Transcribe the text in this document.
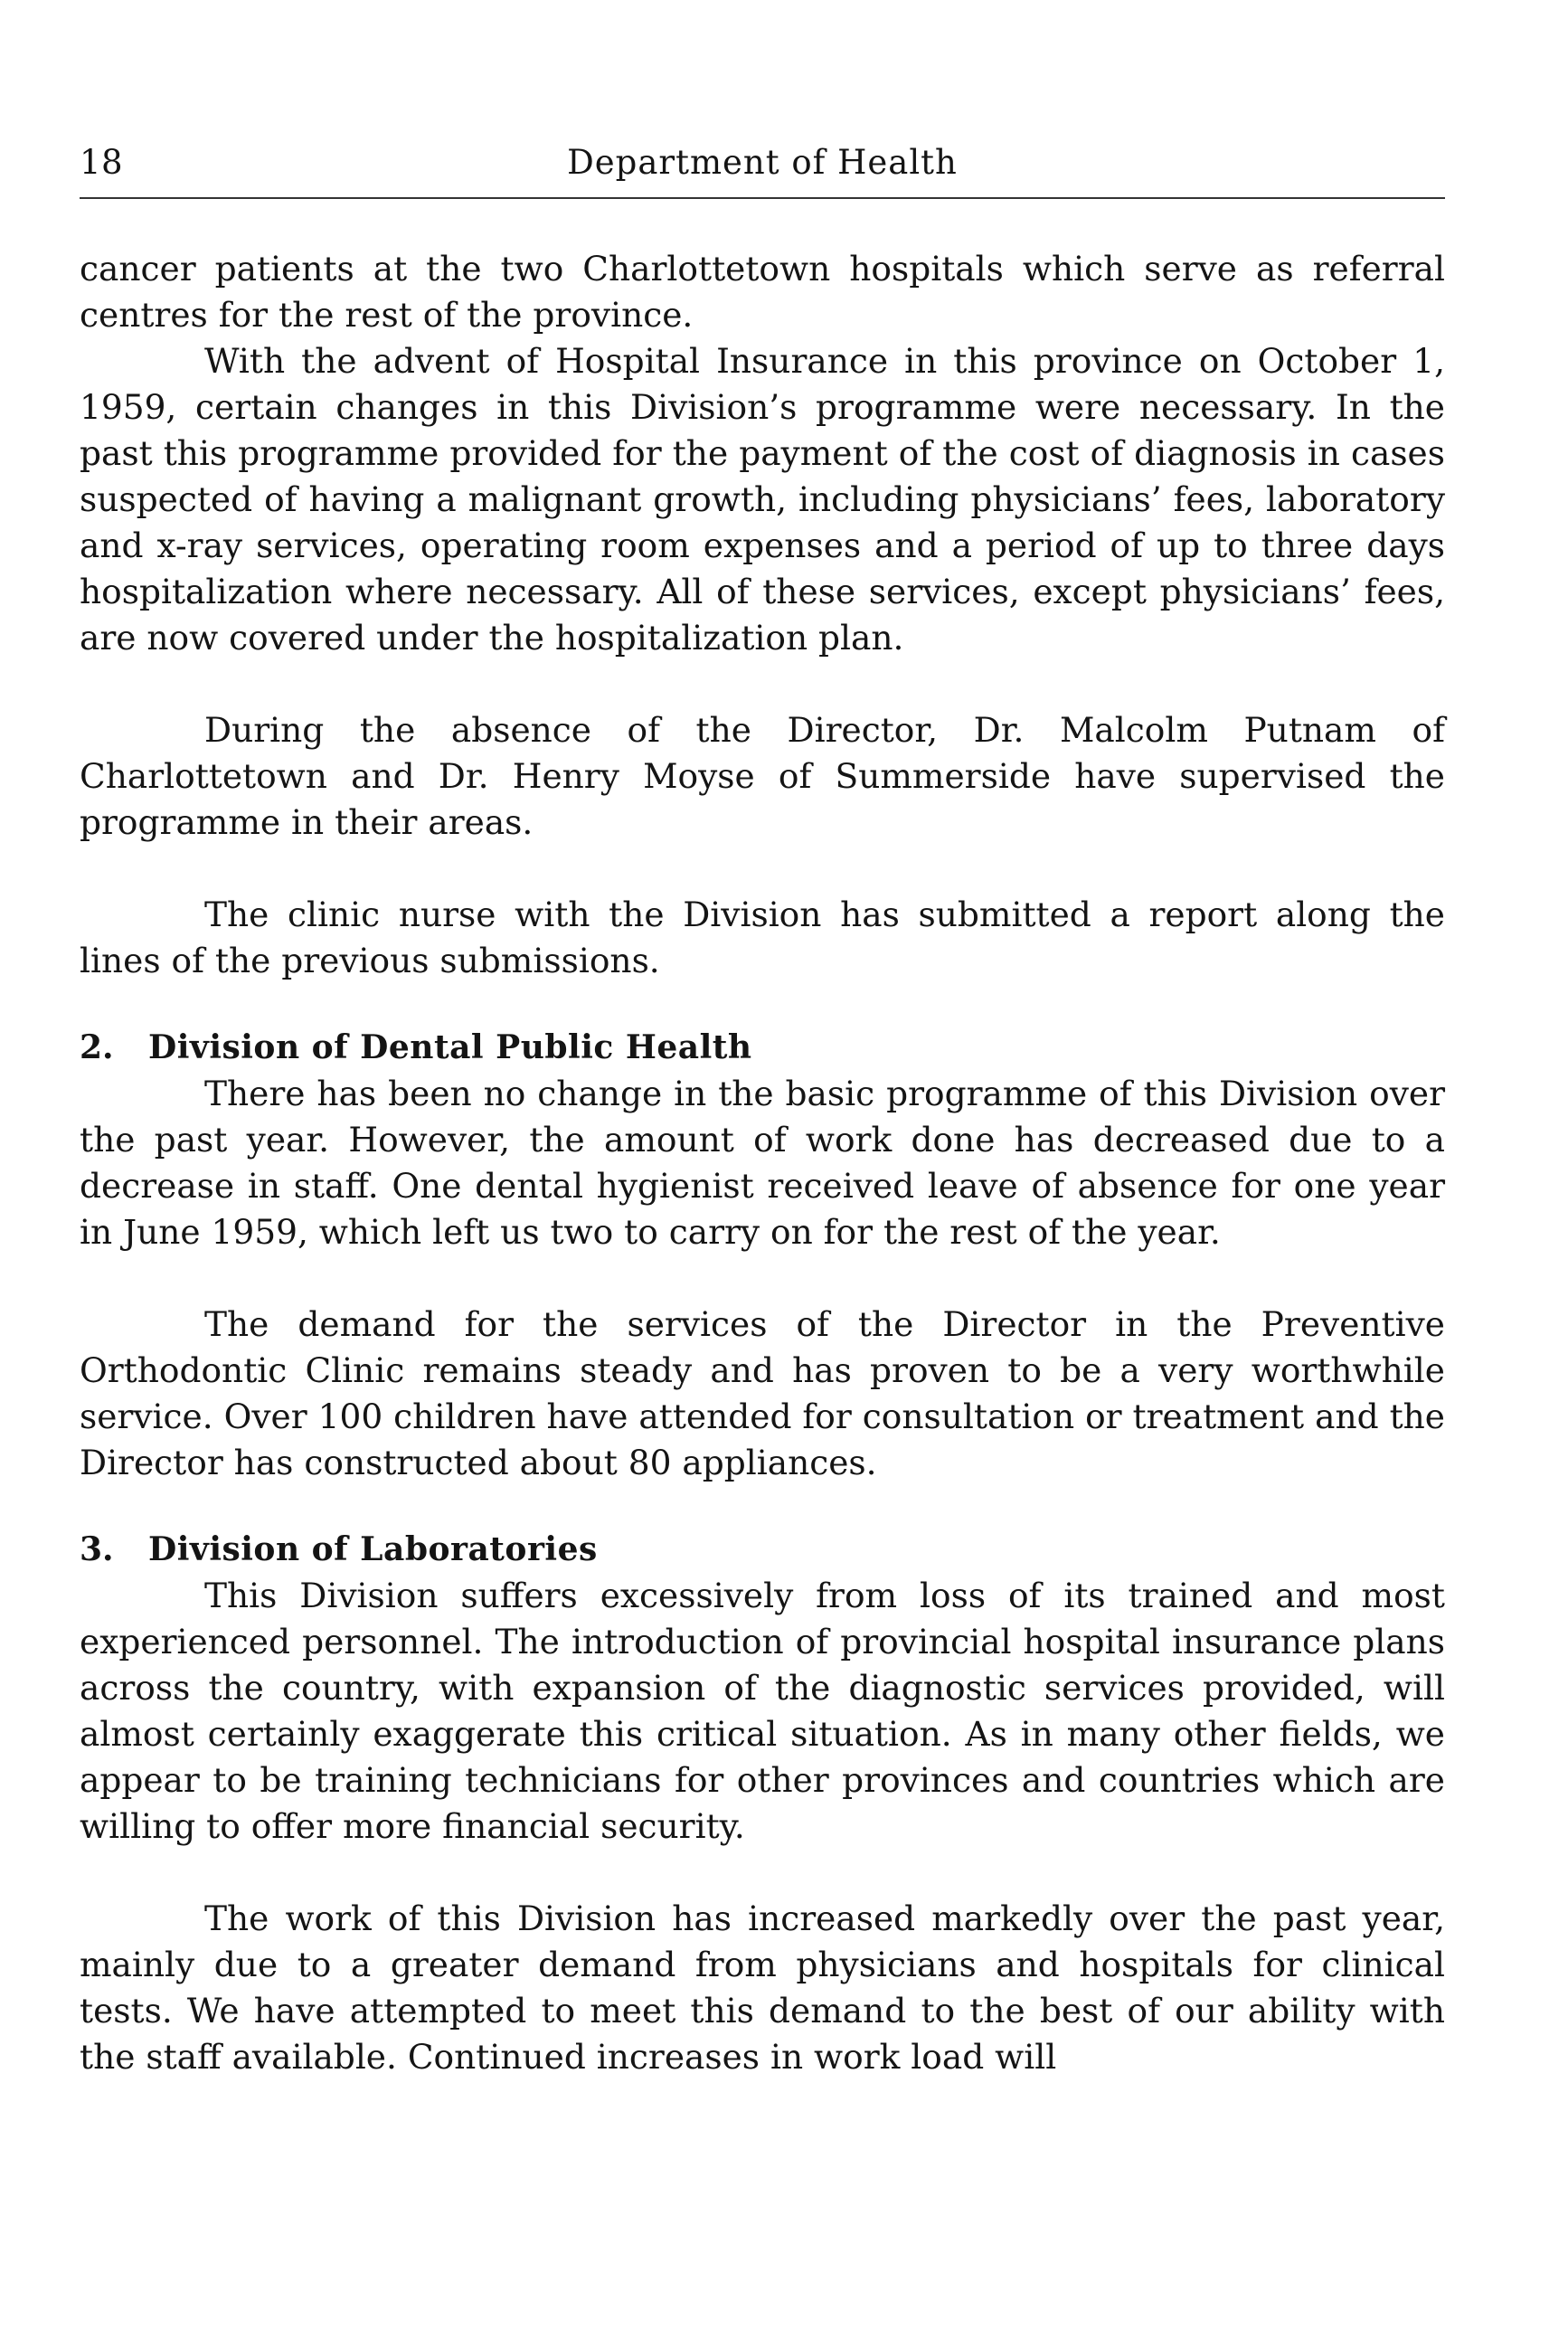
18	Department of Health

cancer patients at the two Charlottetown hospitals which serve as referral centres for the rest of the province.

With the advent of Hospital Insurance in this province on October 1, 1959, certain changes in this Division’s programme were necessary. In the past this programme provided for the payment of the cost of diagnosis in cases suspected of having a malignant growth, including physicians’ fees, laboratory and x-ray services, operating room expenses and a period of up to three days hospitalization where necessary. All of these services, except physicians’ fees, are now covered under the hospitalization plan.

During the absence of the Director, Dr. Malcolm Putnam of Charlottetown and Dr. Henry Moyse of Summerside have supervised the programme in their areas.

The clinic nurse with the Division has submitted a report along the lines of the previous submissions.

2. Division of Dental Public Health

There has been no change in the basic programme of this Division over the past year. However, the amount of work done has decreased due to a decrease in staff. One dental hygienist received leave of absence for one year in June 1959, which left us two to carry on for the rest of the year.

The demand for the services of the Director in the Preventive Orthodontic Clinic remains steady and has proven to be a very worthwhile service. Over 100 children have attended for consultation or treatment and the Director has constructed about 80 appliances.

3. Division of Laboratories

This Division suffers excessively from loss of its trained and most experienced personnel. The introduction of provincial hospital insurance plans across the country, with expansion of the diagnostic services provided, will almost certainly exaggerate this critical situation. As in many other fields, we appear to be training technicians for other provinces and countries which are willing to offer more financial security.

The work of this Division has increased markedly over the past year, mainly due to a greater demand from physicians and hospitals for clinical tests. We have attempted to meet this demand to the best of our ability with the staff available. Continued increases in work load will
